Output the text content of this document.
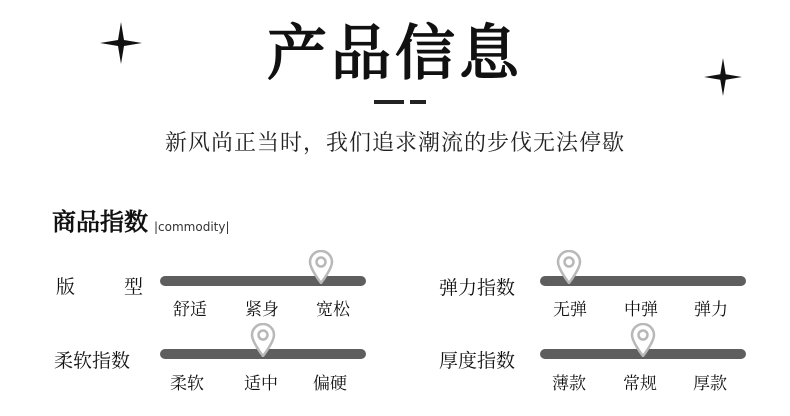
产品信息
新风尚正当时，我们追求潮流的步伐无法停歇
商品指数 |commodity|
版	型
舒适	紧身	宽松
弹力指数
无弹	中弹	弹力
柔软指数
柔软	适中	偏硬
厚度指数
薄款	常规	厚款
